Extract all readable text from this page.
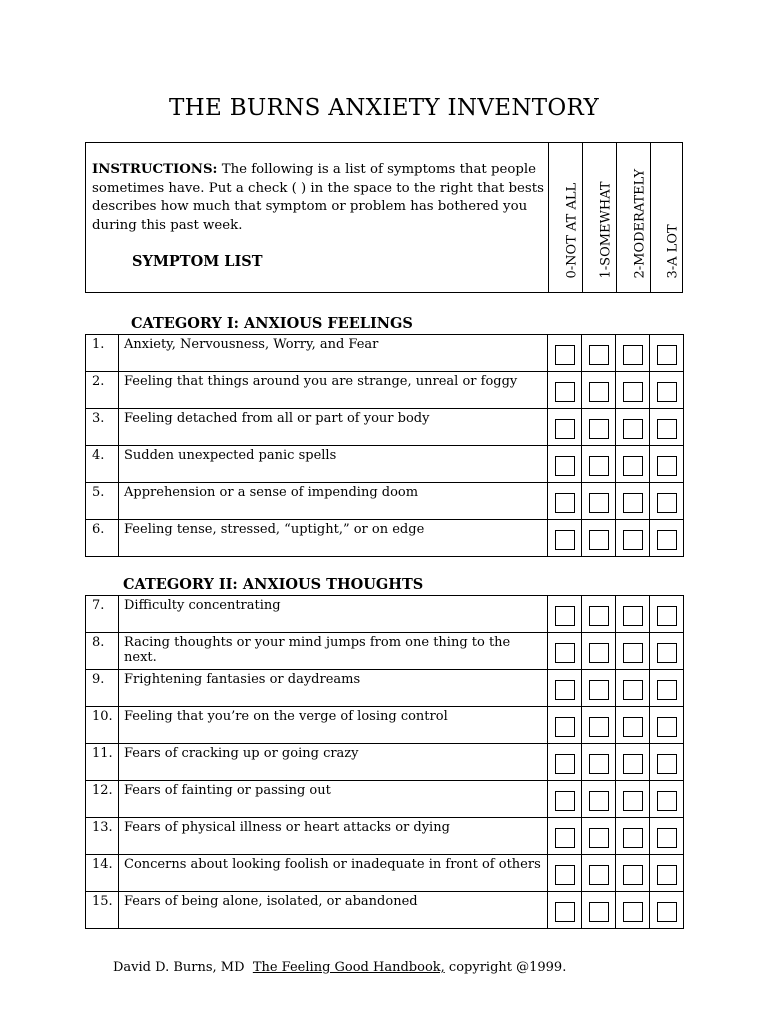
THE BURNS ANXIETY INVENTORY
INSTRUCTIONS: The following is a list of symptoms that people sometimes have. Put a check ( ) in the space to the right that bests describes how much that symptom or problem has bothered you during this past week.
SYMPTOM LIST	0-NOT AT ALL 1-SOMEWHAT 2-MODERATELY 3-A LOT
CATEGORY I: ANXIOUS FEELINGS
1.	Anxiety, Nervousness, Worry, and Fear				
2.	Feeling that things around you are strange, unreal or foggy				
3.	Feeling detached from all or part of your body				
4.	Sudden unexpected panic spells				
5.	Apprehension or a sense of impending doom				
6.	Feeling tense, stressed, “uptight,” or on edge				
CATEGORY II: ANXIOUS THOUGHTS
7.	Difficulty concentrating				
8.	Racing thoughts or your mind jumps from one thing to the next.				
9.	Frightening fantasies or daydreams				
10.	Feeling that you’re on the verge of losing control				
11.	Fears of cracking up or going crazy				
12.	Fears of fainting or passing out				
13.	Fears of physical illness or heart attacks or dying				
14.	Concerns about looking foolish or inadequate in front of others				
15.	Fears of being alone, isolated, or abandoned				
David D. Burns, MD The Feeling Good Handbook, copyright @1999.
